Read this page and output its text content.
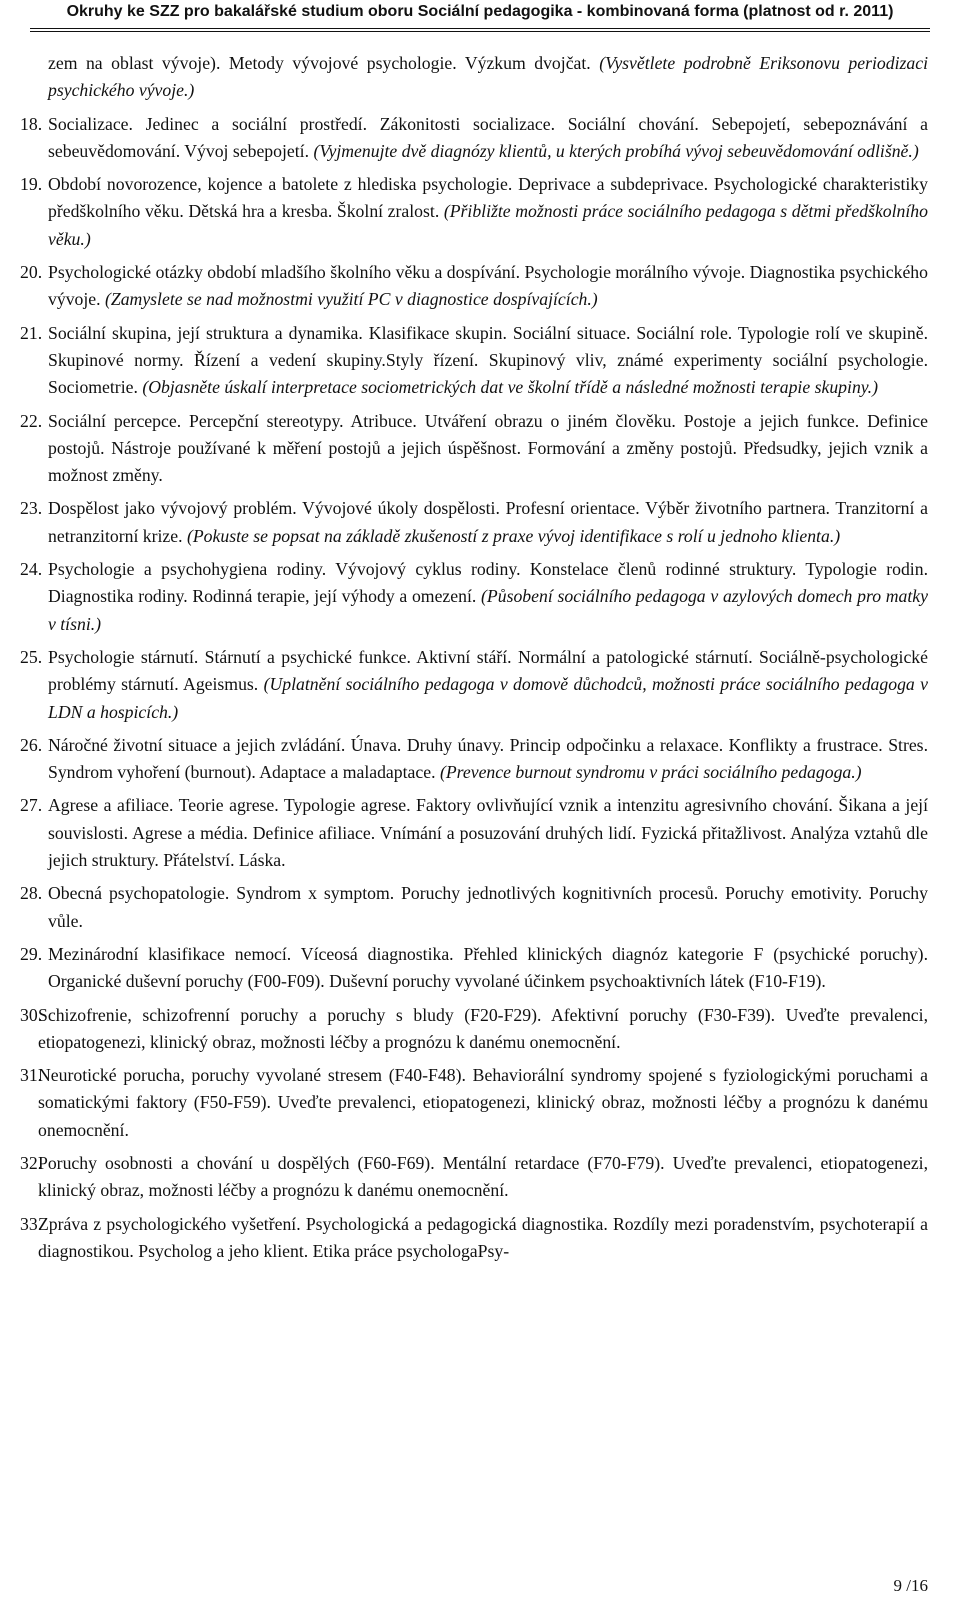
Okruhy ke SZZ pro bakalářské studium oboru Sociální pedagogika - kombinovaná forma (platnost od r. 2011)
zem na oblast vývoje). Metody vývojové psychologie. Výzkum dvojčat. (Vysvětlete podrobně Eriksonovu periodizaci psychického vývoje.)
18. Socializace. Jedinec a sociální prostředí. Zákonitosti socializace. Sociální chování. Sebepojetí, sebepoznávání a sebeuvědomování. Vývoj sebepojetí. (Vyjmenujte dvě diagnózy klientů, u kterých probíhá vývoj sebeuvědomování odlišně.)
19. Období novorozence, kojence a batolete z hlediska psychologie. Deprivace a subdeprivace. Psychologické charakteristiky předškolního věku. Dětská hra a kresba. Školní zralost. (Přibližte možnosti práce sociálního pedagoga s dětmi předškolního věku.)
20. Psychologické otázky období mladšího školního věku a dospívání. Psychologie morálního vývoje. Diagnostika psychického vývoje. (Zamyslete se nad možnostmi využití PC v diagnostice dospívajících.)
21. Sociální skupina, její struktura a dynamika. Klasifikace skupin. Sociální situace. Sociální role. Typologie rolí ve skupině. Skupinové normy. Řízení a vedení skupiny.Styly řízení. Skupinový vliv, známé experimenty sociální psychologie. Sociometrie. (Objasněte úskalí interpretace sociometrických dat ve školní třídě a následné možnosti terapie skupiny.)
22. Sociální percepce. Percepční stereotypy. Atribuce. Utváření obrazu o jiném člověku. Postoje a jejich funkce. Definice postojů. Nástroje používané k měření postojů a jejich úspěšnost. Formování a změny postojů. Předsudky, jejich vznik a možnost změny.
23. Dospělost jako vývojový problém. Vývojové úkoly dospělosti. Profesní orientace. Výběr životního partnera. Tranzitorní a netranzitorní krize. (Pokuste se popsat na základě zkušeností z praxe vývoj identifikace s rolí u jednoho klienta.)
24. Psychologie a psychohygiena rodiny. Vývojový cyklus rodiny. Konstelace členů rodinné struktury. Typologie rodin. Diagnostika rodiny. Rodinná terapie, její výhody a omezení. (Působení sociálního pedagoga v azylových domech pro matky v tísni.)
25. Psychologie stárnutí. Stárnutí a psychické funkce. Aktivní stáří. Normální a patologické stárnutí. Sociálně-psychologické problémy stárnutí. Ageismus. (Uplatnění sociálního pedagoga v domově důchodců, možnosti práce sociálního pedagoga v LDN a hospicích.)
26. Náročné životní situace a jejich zvládání. Únava. Druhy únavy. Princip odpočinku a relaxace. Konflikty a frustrace. Stres. Syndrom vyhoření (burnout). Adaptace a maladaptace. (Prevence burnout syndromu v práci sociálního pedagoga.)
27. Agrese a afiliace. Teorie agrese. Typologie agrese. Faktory ovlivňující vznik a intenzitu agresivního chování. Šikana a její souvislosti. Agrese a média. Definice afiliace. Vnímání a posuzování druhých lidí. Fyzická přitažlivost. Analýza vztahů dle jejich struktury. Přátelství. Láska.
28. Obecná psychopatologie. Syndrom x symptom. Poruchy jednotlivých kognitivních procesů. Poruchy emotivity. Poruchy vůle.
29. Mezinárodní klasifikace nemocí. Víceosá diagnostika. Přehled klinických diagnóz kategorie F (psychické poruchy). Organické duševní poruchy (F00-F09). Duševní poruchy vyvolané účinkem psychoaktivních látek (F10-F19).
30.
Schizofrenie, schizofrenní poruchy a poruchy s bludy (F20-F29). Afektivní poruchy (F30-F39). Uveďte prevalenci, etiopatogenezi, klinický obraz, možnosti léčby a prognózu k danému onemocnění.
31.
Neurotické porucha, poruchy vyvolané stresem (F40-F48). Behaviorální syndromy spojené s fyziologickými poruchami a somatickými faktory (F50-F59). Uveďte prevalenci, etiopatogenezi, klinický obraz, možnosti léčby a prognózu k danému onemocnění.
32.
Poruchy osobnosti a chování u dospělých (F60-F69). Mentální retardace (F70-F79). Uveďte prevalenci, etiopatogenezi, klinický obraz, možnosti léčby a prognózu k danému onemocnění.
33.
Zpráva z psychologického vyšetření. Psychologická a pedagogická diagnostika. Rozdíly mezi poradenstvím, psychoterapií a diagnostikou. Psycholog a jeho klient. Etika práce psychologaPsy-
9 /16
